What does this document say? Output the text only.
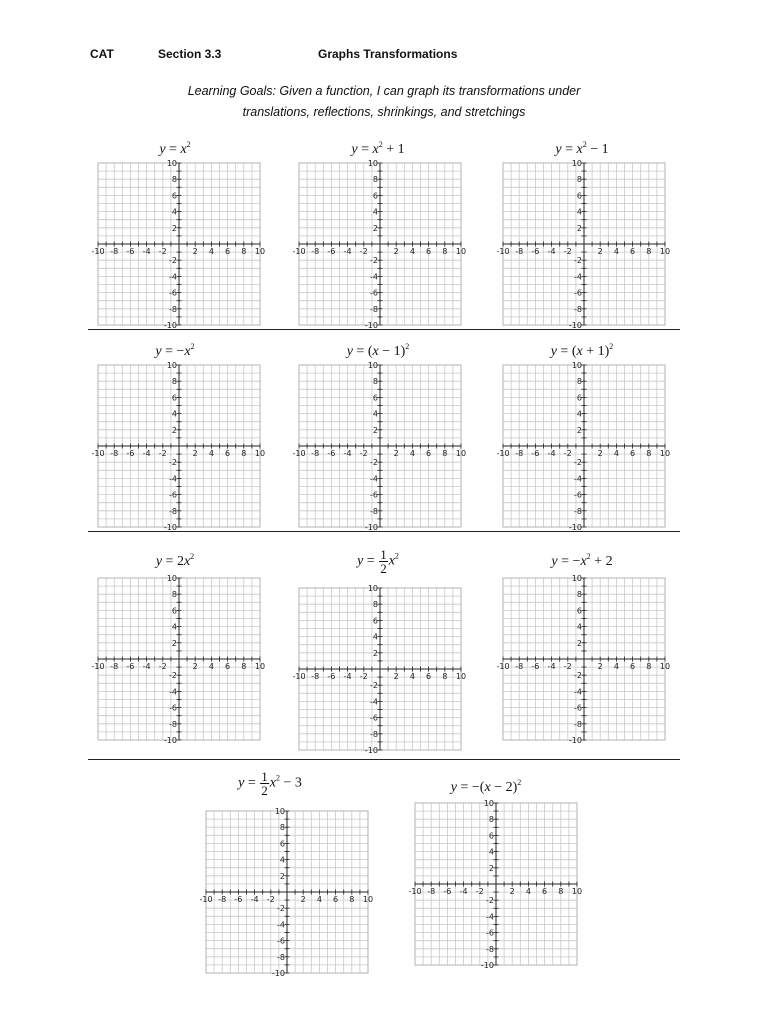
CAT	Section 3.3	Graphs Transformations
Learning Goals: Given a function, I can graph its transformations under
translations, reflections, shrinkings, and stretchings
$y = x^2$
-10 -8 -6 -4 -2	2 4 6 8 10
10
8
6
4
2
-2
-4
-6
-8
-10
$y = x^2 + 1$
-10 -8 -6 -4 -2	2 4 6 8 10
10
8
6
4
2
-2
-4
-6
-8
-10
$y = x^2 - 1$
-10 -8 -6 -4 -2	2 4 6 8 10
10
8
6
4
2
-2
-4
-6
-8
-10
$y = -x^2$
-10 -8 -6 -4 -2	2 4 6 8 10
10
8
6
4
2
-2
-4
-6
-8
-10
$y = (x - 1)^2$
-10 -8 -6 -4 -2	2 4 6 8 10
10
8
6
4
2
-2
-4
-6
-8
-10
$y = (x + 1)^2$
-10 -8 -6 -4 -2	2 4 6 8 10
10
8
6
4
2
-2
-4
-6
-8
-10
$y = 2x^2$
-10 -8 -6 -4 -2	2 4 6 8 10
10
8
6
4
2
-2
-4
-6
-8
-10
$y = \frac{1}{2} x^2$
-10 -8 -6 -4 -2	2 4 6 8 10
10
8
6
4
2
-2
-4
-6
-8
-10
$y = -x^2 + 2$
-10 -8 -6 -4 -2	2 4 6 8 10
10
8
6
4
2
-2
-4
-6
-8
-10
$y = \frac{1}{2} x^2 - 3$
-10 -8 -6 -4 -2	2 4 6 8 10
10
8
6
4
2
-2
-4
-6
-8
-10
$y = -(x - 2)^2$
-10 -8 -6 -4 -2	2 4 6 8 10
10
8
6
4
2
-2
-4
-6
-8
-10
